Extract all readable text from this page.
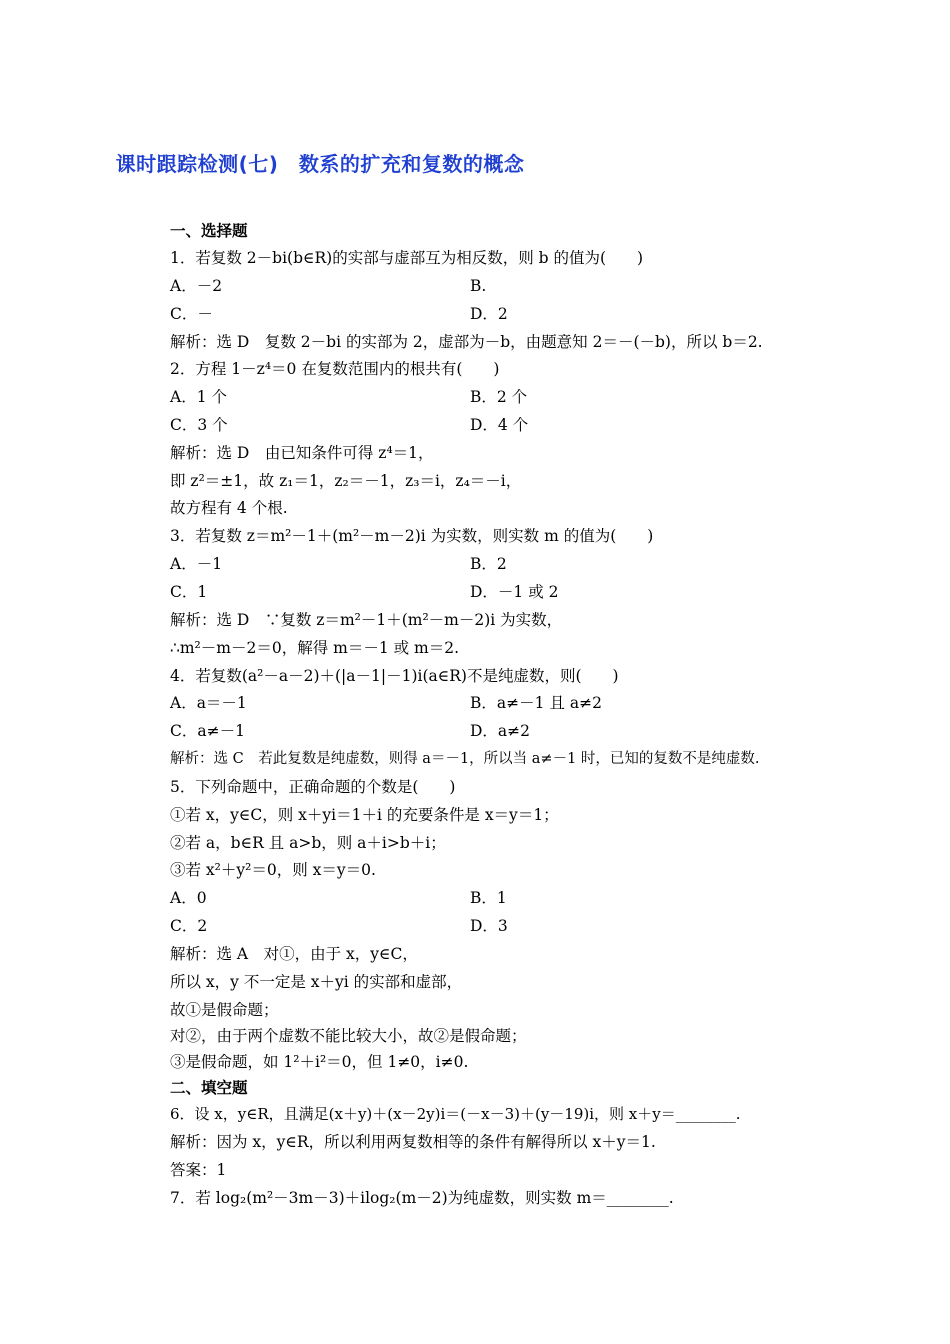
课时跟踪检测(七)　数系的扩充和复数的概念
一、选择题
1．若复数 2－bi(b∈R)的实部与虚部互为相反数，则 b 的值为(　　)
A．－2	B.
C．－	D．2
解析：选 D　复数 2－bi 的实部为 2，虚部为－b，由题意知 2＝－(－b)，所以 b＝2.
2．方程 1－z⁴＝0 在复数范围内的根共有(　　)
A．1 个	B．2 个
C．3 个	D．4 个
解析：选 D　由已知条件可得 z⁴＝1，
即 z²＝±1，故 z₁＝1，z₂＝－1，z₃＝i，z₄＝－i，
故方程有 4 个根.
3．若复数 z＝m²－1＋(m²－m－2)i 为实数，则实数 m 的值为(　　)
A．－1	B．2
C．1	D．－1 或 2
解析：选 D　∵复数 z＝m²－1＋(m²－m－2)i 为实数，
∴m²－m－2＝0，解得 m＝－1 或 m＝2.
4．若复数(a²－a－2)＋(|a－1|－1)i(a∈R)不是纯虚数，则(　　)
A．a＝－1	B．a≠－1 且 a≠2
C．a≠－1	D．a≠2
解析：选 C　若此复数是纯虚数，则得 a＝－1，所以当 a≠－1 时，已知的复数不是纯虚数.
5．下列命题中，正确命题的个数是(　　)
①若 x，y∈C，则 x＋yi＝1＋i 的充要条件是 x＝y＝1；
②若 a，b∈R 且 a>b，则 a＋i>b＋i；
③若 x²＋y²＝0，则 x＝y＝0.
A．0	B．1
C．2	D．3
解析：选 A　对①，由于 x，y∈C，
所以 x，y 不一定是 x＋yi 的实部和虚部，
故①是假命题；
对②，由于两个虚数不能比较大小，故②是假命题；
③是假命题，如 1²＋i²＝0，但 1≠0，i≠0.
二、填空题
6．设 x，y∈R，且满足(x＋y)＋(x－2y)i＝(－x－3)＋(y－19)i，则 x＋y＝________.
解析：因为 x，y∈R，所以利用两复数相等的条件有解得所以 x＋y＝1.
答案：1
7．若 log₂(m²－3m－3)＋ilog₂(m－2)为纯虚数，则实数 m＝________.
